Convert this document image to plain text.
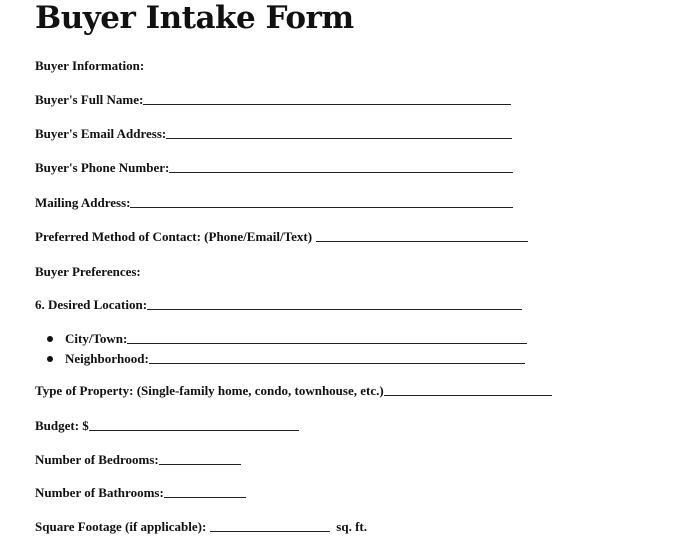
Buyer Intake Form
Buyer Information:
Buyer's Full Name:
Buyer's Email Address:
Buyer's Phone Number:
Mailing Address:
Preferred Method of Contact: (Phone/Email/Text)
Buyer Preferences:
6. Desired Location:
City/Town:
Neighborhood:
Type of Property: (Single-family home, condo, townhouse, etc.)
Budget: $
Number of Bedrooms:
Number of Bathrooms:
Square Footage (if applicable):	sq. ft.
